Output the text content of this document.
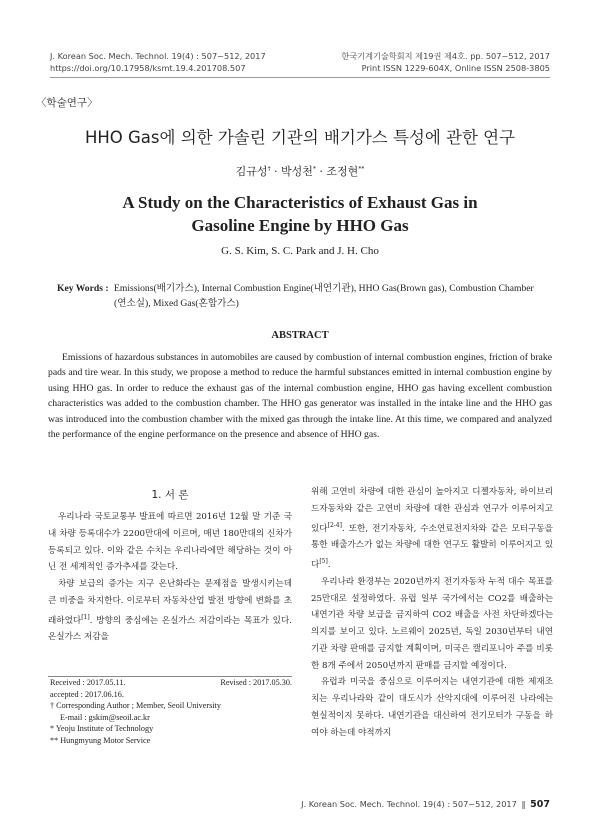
J. Korean Soc. Mech. Technol. 19(4) : 507~512, 2017
https://doi.org/10.17958/ksmt.19.4.201708.507
한국기계기술학회지 제19권 제4호. pp. 507~512, 2017
Print ISSN 1229-604X, Online ISSN 2508-3805
〈학술연구〉
HHO Gas에 의한 가솔린 기관의 배기가스 특성에 관한 연구
김규성† · 박성천* · 조정현**
A Study on the Characteristics of Exhaust Gas in
Gasoline Engine by HHO Gas
G. S. Kim, S. C. Park and J. H. Cho
Key Words : Emissions(배기가스), Internal Combustion Engine(내연기관), HHO Gas(Brown gas), Combustion Chamber
(연소실), Mixed Gas(혼합가스)
ABSTRACT
Emissions of hazardous substances in automobiles are caused by combustion of internal combustion engines, friction of brake pads and tire wear. In this study, we propose a method to reduce the harmful substances emitted in internal combustion engine by using HHO gas. In order to reduce the exhaust gas of the internal combustion engine, HHO gas having excellent combustion characteristics was added to the combustion chamber. The HHO gas generator was installed in the intake line and the HHO gas was introduced into the combustion chamber with the mixed gas through the intake line. At this time, we compared and analyzed the performance of the engine performance on the presence and absence of HHO gas.
1. 서 론

우리나라 국토교통부 발표에 따르면 2016년 12월 말 기준 국내 차량 등록대수가 2200만대에 이르며, 매년 180만대의 신차가 등록되고 있다. 이와 같은 수치는 우리나라에만 해당하는 것이 아닌 전 세계적인 증가추세를 갖는다.

차량 보급의 증가는 지구 온난화라는 문제점을 발생시키는데 큰 비중을 차지한다. 이로부터 자동차산업 발전 방향에 변화를 초래하였다[1]. 방향의 중심에는 온실가스 저감이라는 목표가 있다. 온실가스 저감을

Received : 2017.05.11.	Revised : 2017.05.30.
accepted : 2017.06.16.
† Corresponding Author ; Member, Seoil University
E-mail : gskim@seoil.ac.kr
* Yeoju Institute of Technology
** Hungmyung Motor Service

위해 고연비 차량에 대한 관심이 높아지고 디젤자동차, 하이브리드자동차와 같은 고연비 차량에 대한 관심과 연구가 이루어지고 있다[2-4]. 또한, 전기자동차, 수소연료전지차와 같은 모터구동을 통한 배출가스가 없는 차량에 대한 연구도 활발히 이루어지고 있다[5].

우리나라 환경부는 2020년까지 전기자동차 누적 대수 목표를 25만대로 설정하였다. 유럽 일부 국가에서는 CO2를 배출하는 내연기관 차량 보급을 금지하여 CO2 배출을 사전 차단하겠다는 의지를 보이고 있다. 노르웨이 2025년, 독일 2030년부터 내연기관 차량 판매를 금지할 계획이며, 미국은 캘리포니아 주를 비롯한 8개 주에서 2050년까지 판매를 금지할 예정이다.

유럽과 미국을 중심으로 이루어지는 내연기관에 대한 제재조치는 우리나라와 같이 대도시가 산악지대에 이루어진 나라에는 현실적이지 못하다. 내연기관을 대신하여 전기모터가 구동을 하여야 하는데 야적까지

J. Korean Soc. Mech. Technol. 19(4) : 507~512, 2017 ‖ 507
